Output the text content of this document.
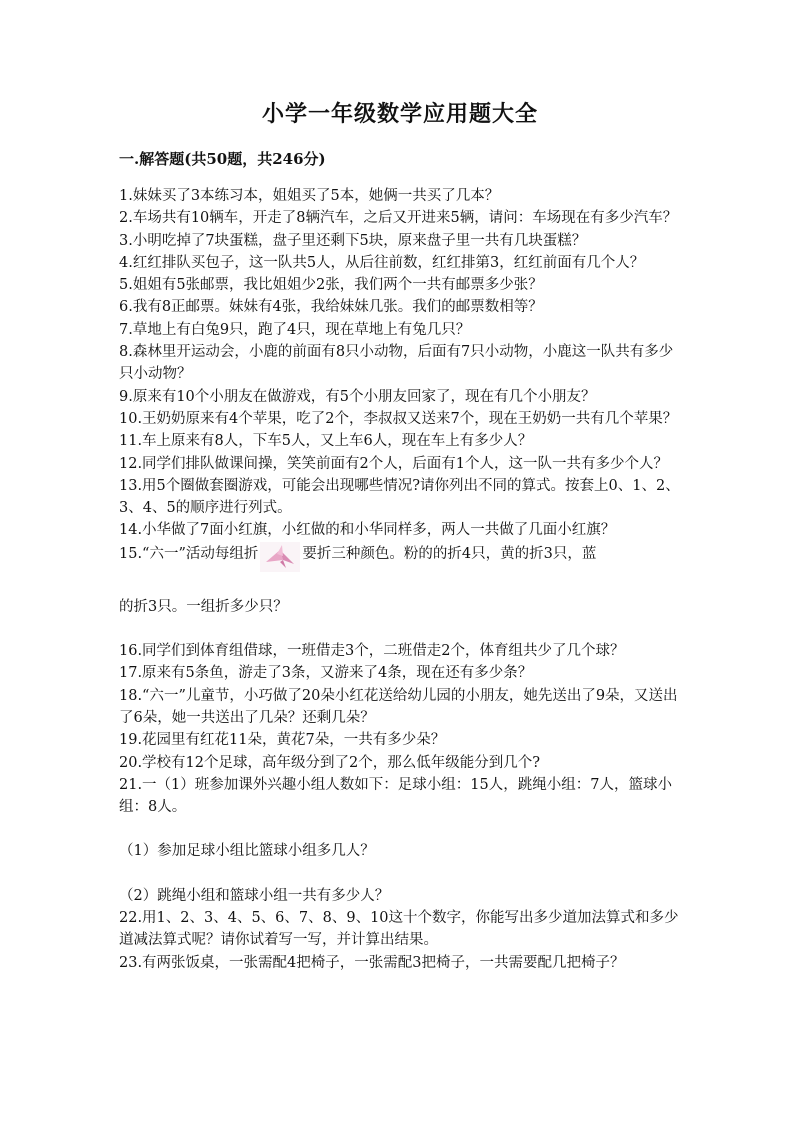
小学一年级数学应用题大全
一.解答题(共50题，共246分)

1.妹妹买了3本练习本，姐姐买了5本，她俩一共买了几本？

2.车场共有10辆车，开走了8辆汽车，之后又开进来5辆，请问：车场现在有多少汽车？

3.小明吃掉了7块蛋糕，盘子里还剩下5块，原来盘子里一共有几块蛋糕？

4.红红排队买包子，这一队共5人，从后往前数，红红排第3，红红前面有几个人？

5.姐姐有5张邮票，我比姐姐少2张，我们两个一共有邮票多少张？

6.我有8正邮票。妹妹有4张，我给妹妹几张。我们的邮票数相等？

7.草地上有白兔9只，跑了4只，现在草地上有兔几只？

8.森林里开运动会，小鹿的前面有8只小动物，后面有7只小动物，小鹿这一队共有多少只小动物？

9.原来有10个小朋友在做游戏，有5个小朋友回家了，现在有几个小朋友？

10.王奶奶原来有4个苹果，吃了2个，李叔叔又送来7个，现在王奶奶一共有几个苹果？

11.车上原来有8人，下车5人，又上车6人，现在车上有多少人？

12.同学们排队做课间操，笑笑前面有2个人，后面有1个人，这一队一共有多少个人？

13.用5个圈做套圈游戏，可能会出现哪些情况?请你列出不同的算式。按套上0、1、2、3、4、5的顺序进行列式。

14.小华做了7面小红旗，小红做的和小华同样多，两人一共做了几面小红旗？

15.“六一”活动每组折	要折三种颜色。粉的的折4只，黄的折3只，蓝

的折3只。一组折多少只？

16.同学们到体育组借球，一班借走3个，二班借走2个，体育组共少了几个球？

17.原来有5条鱼，游走了3条，又游来了4条，现在还有多少条？

18.“六一”儿童节，小巧做了20朵小红花送给幼儿园的小朋友，她先送出了9朵，又送出了6朵，她一共送出了几朵？还剩几朵？

19.花园里有红花11朵，黄花7朵，一共有多少朵？

20.学校有12个足球，高年级分到了2个，那么低年级能分到几个?

21.一（1）班参加课外兴趣小组人数如下：足球小组：15人，跳绳小组：7人，篮球小组：8人。

（1）参加足球小组比篮球小组多几人？

（2）跳绳小组和篮球小组一共有多少人？

22.用1、2、3、4、5、6、7、8、9、10这十个数字，你能写出多少道加法算式和多少道减法算式呢？请你试着写一写，并计算出结果。

23.有两张饭桌，一张需配4把椅子，一张需配3把椅子，一共需要配几把椅子？
